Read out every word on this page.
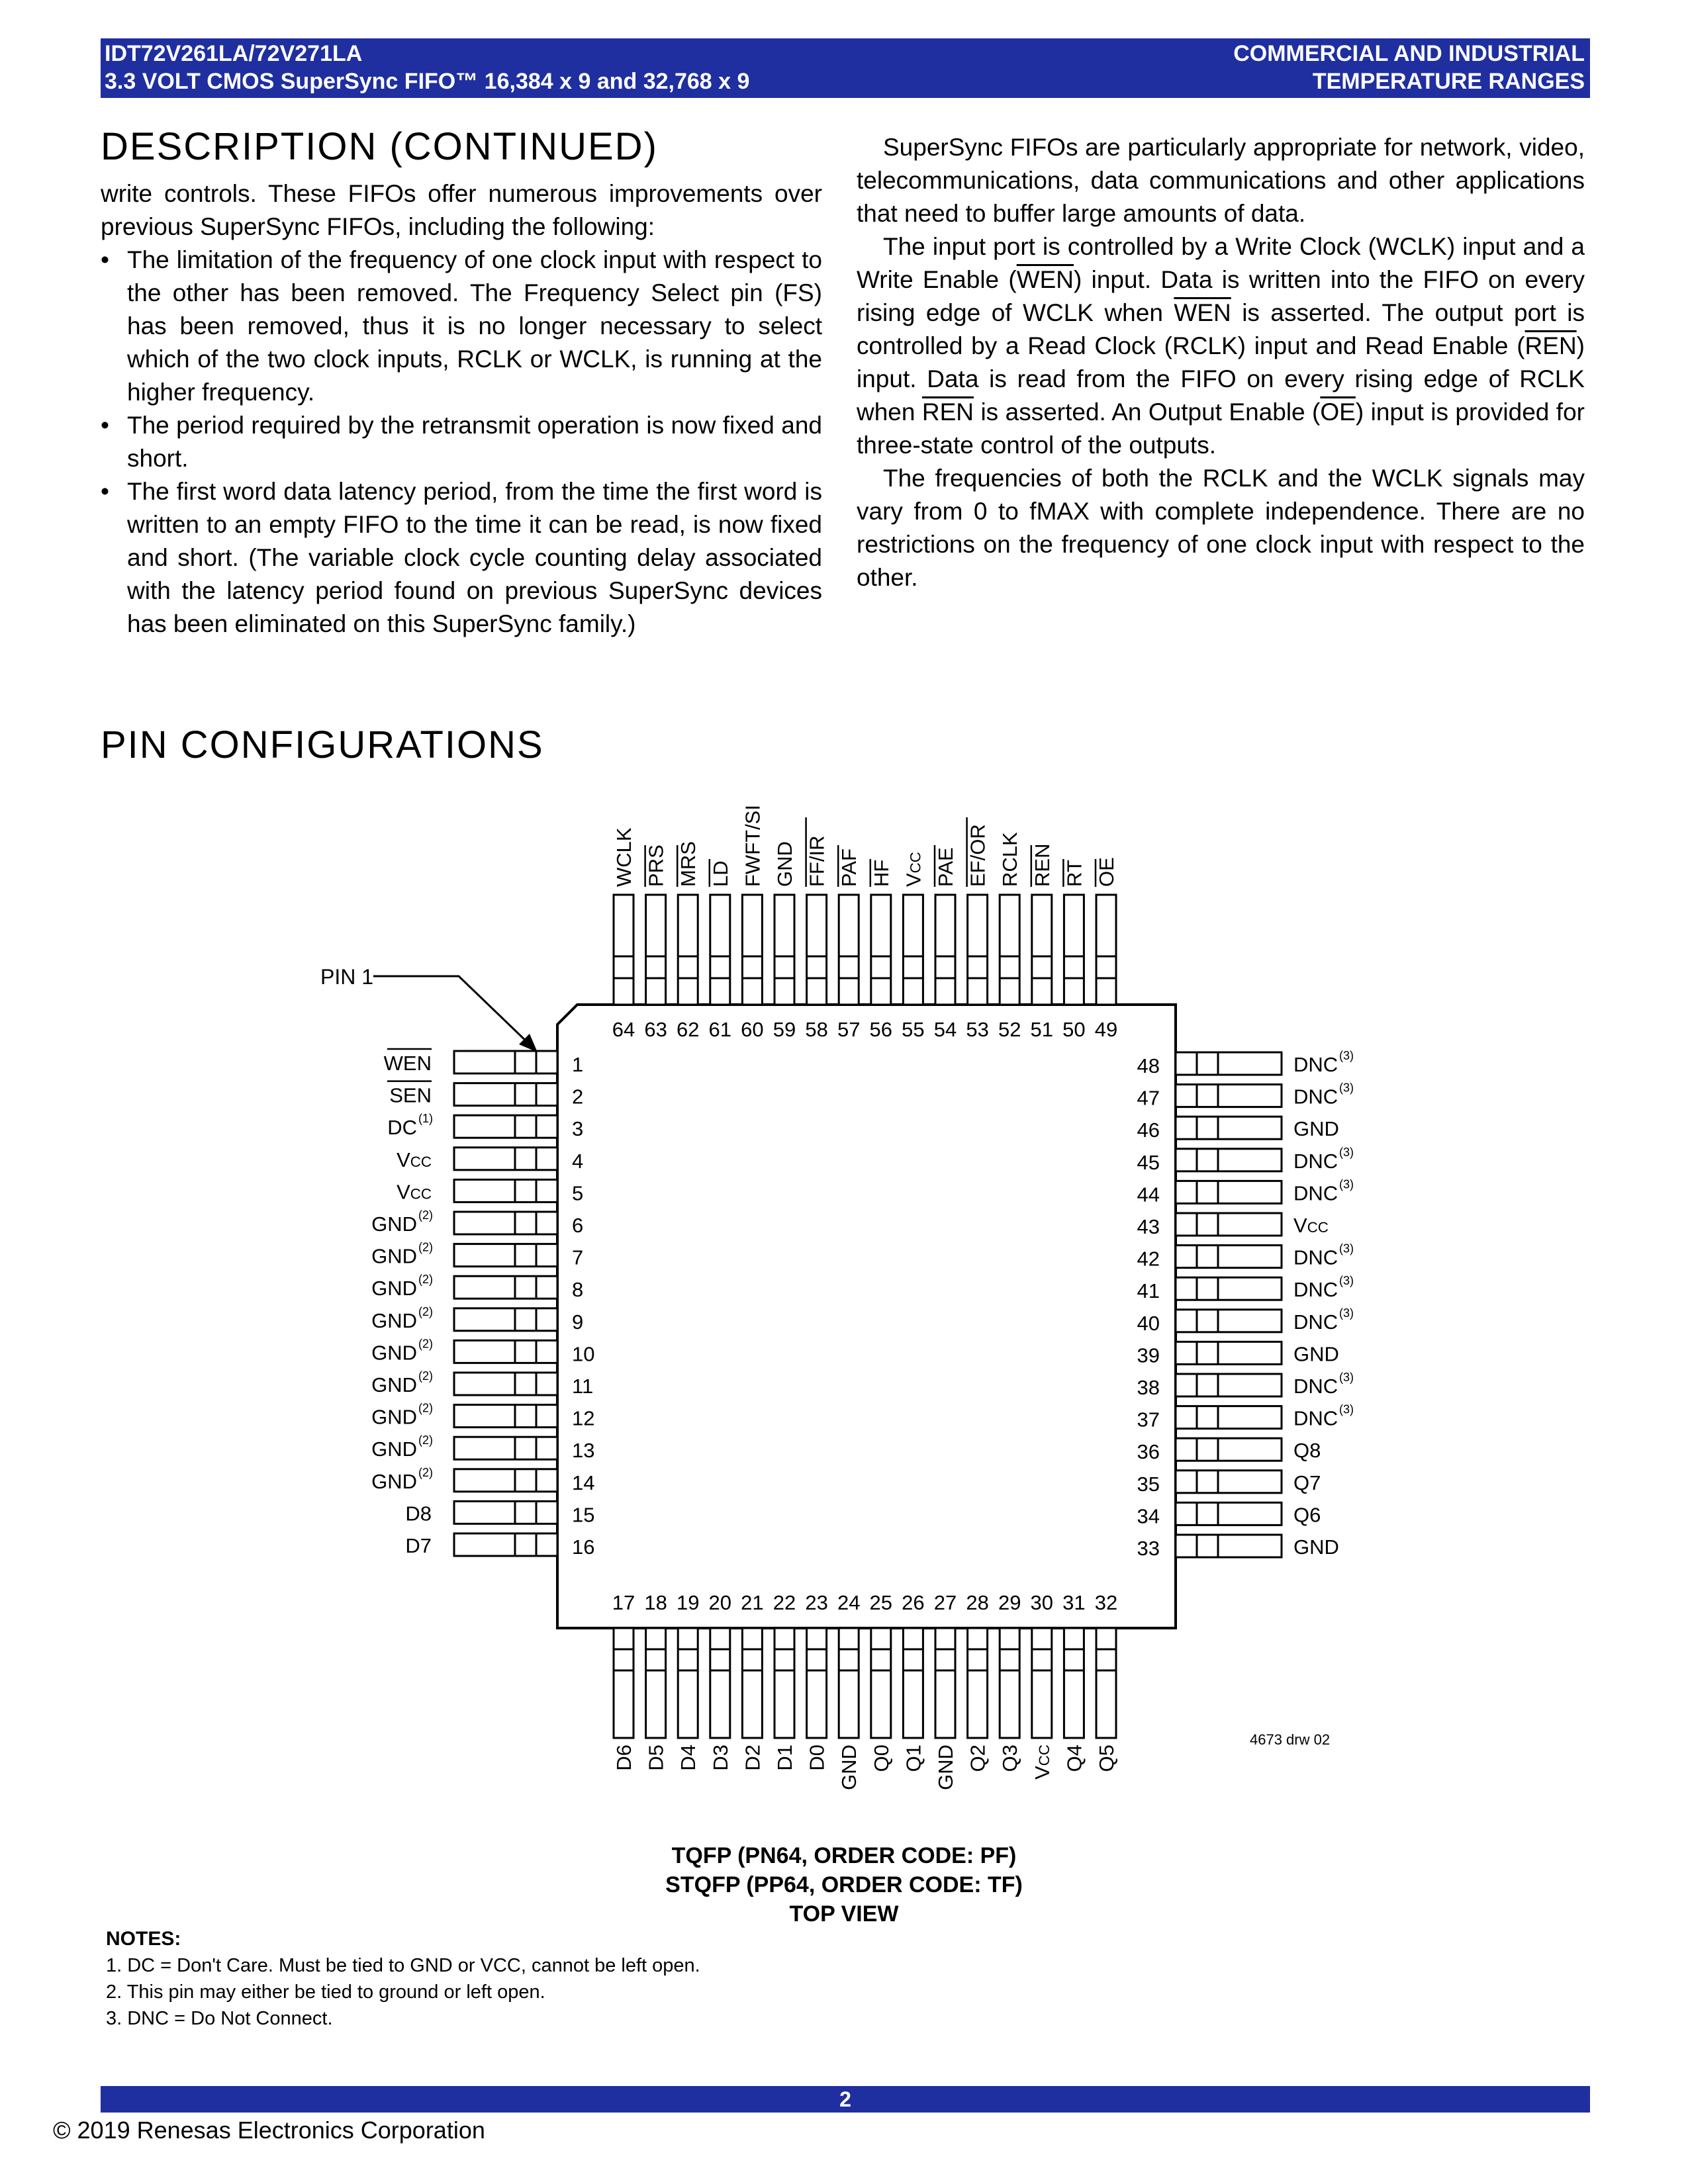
IDT72V261LA/72V271LA
3.3 VOLT CMOS SuperSync FIFO™ 16,384 x 9 and 32,768 x 9
COMMERCIAL AND INDUSTRIAL
TEMPERATURE RANGES
DESCRIPTION (CONTINUED)

write controls. These FIFOs offer numerous improvements over previous SuperSync FIFOs, including the following:

• The limitation of the frequency of one clock input with respect to the other has been removed. The Frequency Select pin (FS) has been removed, thus it is no longer necessary to select which of the two clock inputs, RCLK or WCLK, is running at the higher frequency.

• The period required by the retransmit operation is now fixed and short.

• The first word data latency period, from the time the first word is written to an empty FIFO to the time it can be read, is now fixed and short. (The variable clock cycle counting delay associated with the latency period found on previous SuperSync devices has been eliminated on this SuperSync family.)

SuperSync FIFOs are particularly appropriate for network, video, telecommunications, data communications and other applications that need to buffer large amounts of data.

The input port is controlled by a Write Clock (WCLK) input and a Write Enable $(\overline{WEN})$ input. Data is written into the FIFO on every rising edge of WCLK when $\overline{WEN}$ is asserted. The output port is controlled by a Read Clock (RCLK) input and Read Enable $(\overline{REN})$ input. Data is read from the FIFO on every rising edge of RCLK when $\overline{REN}$ is asserted. An Output Enable $(\overline{OE})$ input is provided for three-state control of the outputs.

The frequencies of both the RCLK and the WCLK signals may vary from 0 to fMAX with complete independence. There are no restrictions on the frequency of one clock input with respect to the other.

PIN CONFIGURATIONS
PIN 1
WEN	1
SEN	2
DC (1)	3
VCC	4
VCC	5
GND (2)	6
GND (2)	7
GND (2)	8
GND (2)	9
GND (2)	10
GND (2)	11
GND (2)	12
GND (2)	13
GND (2)	14
D8	15
D7	16
48	DNC (3)
47	DNC (3)
46	GND
45	DNC (3)
44	DNC (3)
43	VCC
42	DNC (3)
41	DNC (3)
40	DNC (3)
39	GND
38	DNC (3)
37	DNC (3)
36	Q8
35	Q7
34	Q6
33	GND
WCLK
64
PRS
63
MRS
62
LD
61
FWFT/SI
60
GND
59
FF/IR
58
PAF
57
HF
56
VCC
55
PAE
54
EF/OR
53
RCLK
52
REN
51
RT
50
OE
49
D6
17
D5
18
D4
19
D3
20
D2
21
D1
22
D0
23
GND
24
Q0
25
Q1
26
GND
27
Q2
28
Q3
29
VCC
30
Q4
31
Q5
32
4673 drw 02
TQFP (PN64, ORDER CODE: PF)
STQFP (PP64, ORDER CODE: TF)
TOP VIEW
NOTES:
1. DC = Don't Care. Must be tied to GND or VCC, cannot be left open.
2. This pin may either be tied to ground or left open.
3. DNC = Do Not Connect.
2
© 2019 Renesas Electronics Corporation
